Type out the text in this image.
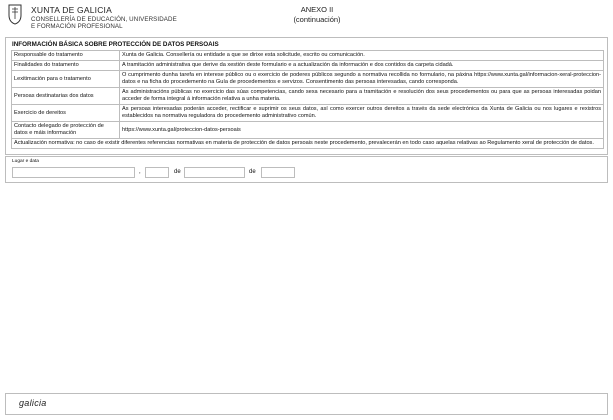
XUNTA DE GALICIA
CONSELLERÍA DE EDUCACIÓN, UNIVERSIDADE
E FORMACIÓN PROFESIONAL
ANEXO II
(continuación)
INFORMACIÓN BÁSICA SOBRE PROTECCIÓN DE DATOS PERSOAIS
Responsable do tratamento	Xunta de Galicia. Consellería ou entidade a que se dirixe esta solicitude, escrito ou comunicación.
Finalidades do tratamento	A tramitación administrativa que derive da xestión deste formulario e a actualización da información e dos contidos da carpeta cidadá.
Lexitimación para o tratamento	O cumprimento dunha tarefa en interese público ou o exercicio de poderes públicos segundo a normativa recollida no formulario, na páxina https://www.xunta.gal/informacion-xeral-proteccion-datos e na ficha do procedemento na Guía de procedementos e servizos. Consentimento das persoas interesadas, cando corresponda.
Persoas destinatarias dos datos	As administracións públicas no exercicio das súas competencias, cando sexa necesario para a tramitación e resolución dos seus procedementos ou para que as persoas interesadas poidan acceder de forma integral á información relativa a unha materia.
Exercicio de dereitos	As persoas interesadas poderán acceder, rectificar e suprimir os seus datos, así como exercer outros dereitos a través da sede electrónica da Xunta de Galicia ou nos lugares e rexistros establecidos na normativa reguladora do procedemento administrativo común.
Contacto delegado de protección de datos e máis información	https://www.xunta.gal/proteccion-datos-persoais
Actualización normativa: no caso de existir diferentes referencias normativas en materia de protección de datos persoais neste procedemento, prevalecerán en todo caso aquelas relativas ao Regulamento xeral de protección de datos.	
Lugar e data
,	de	de
galicia
